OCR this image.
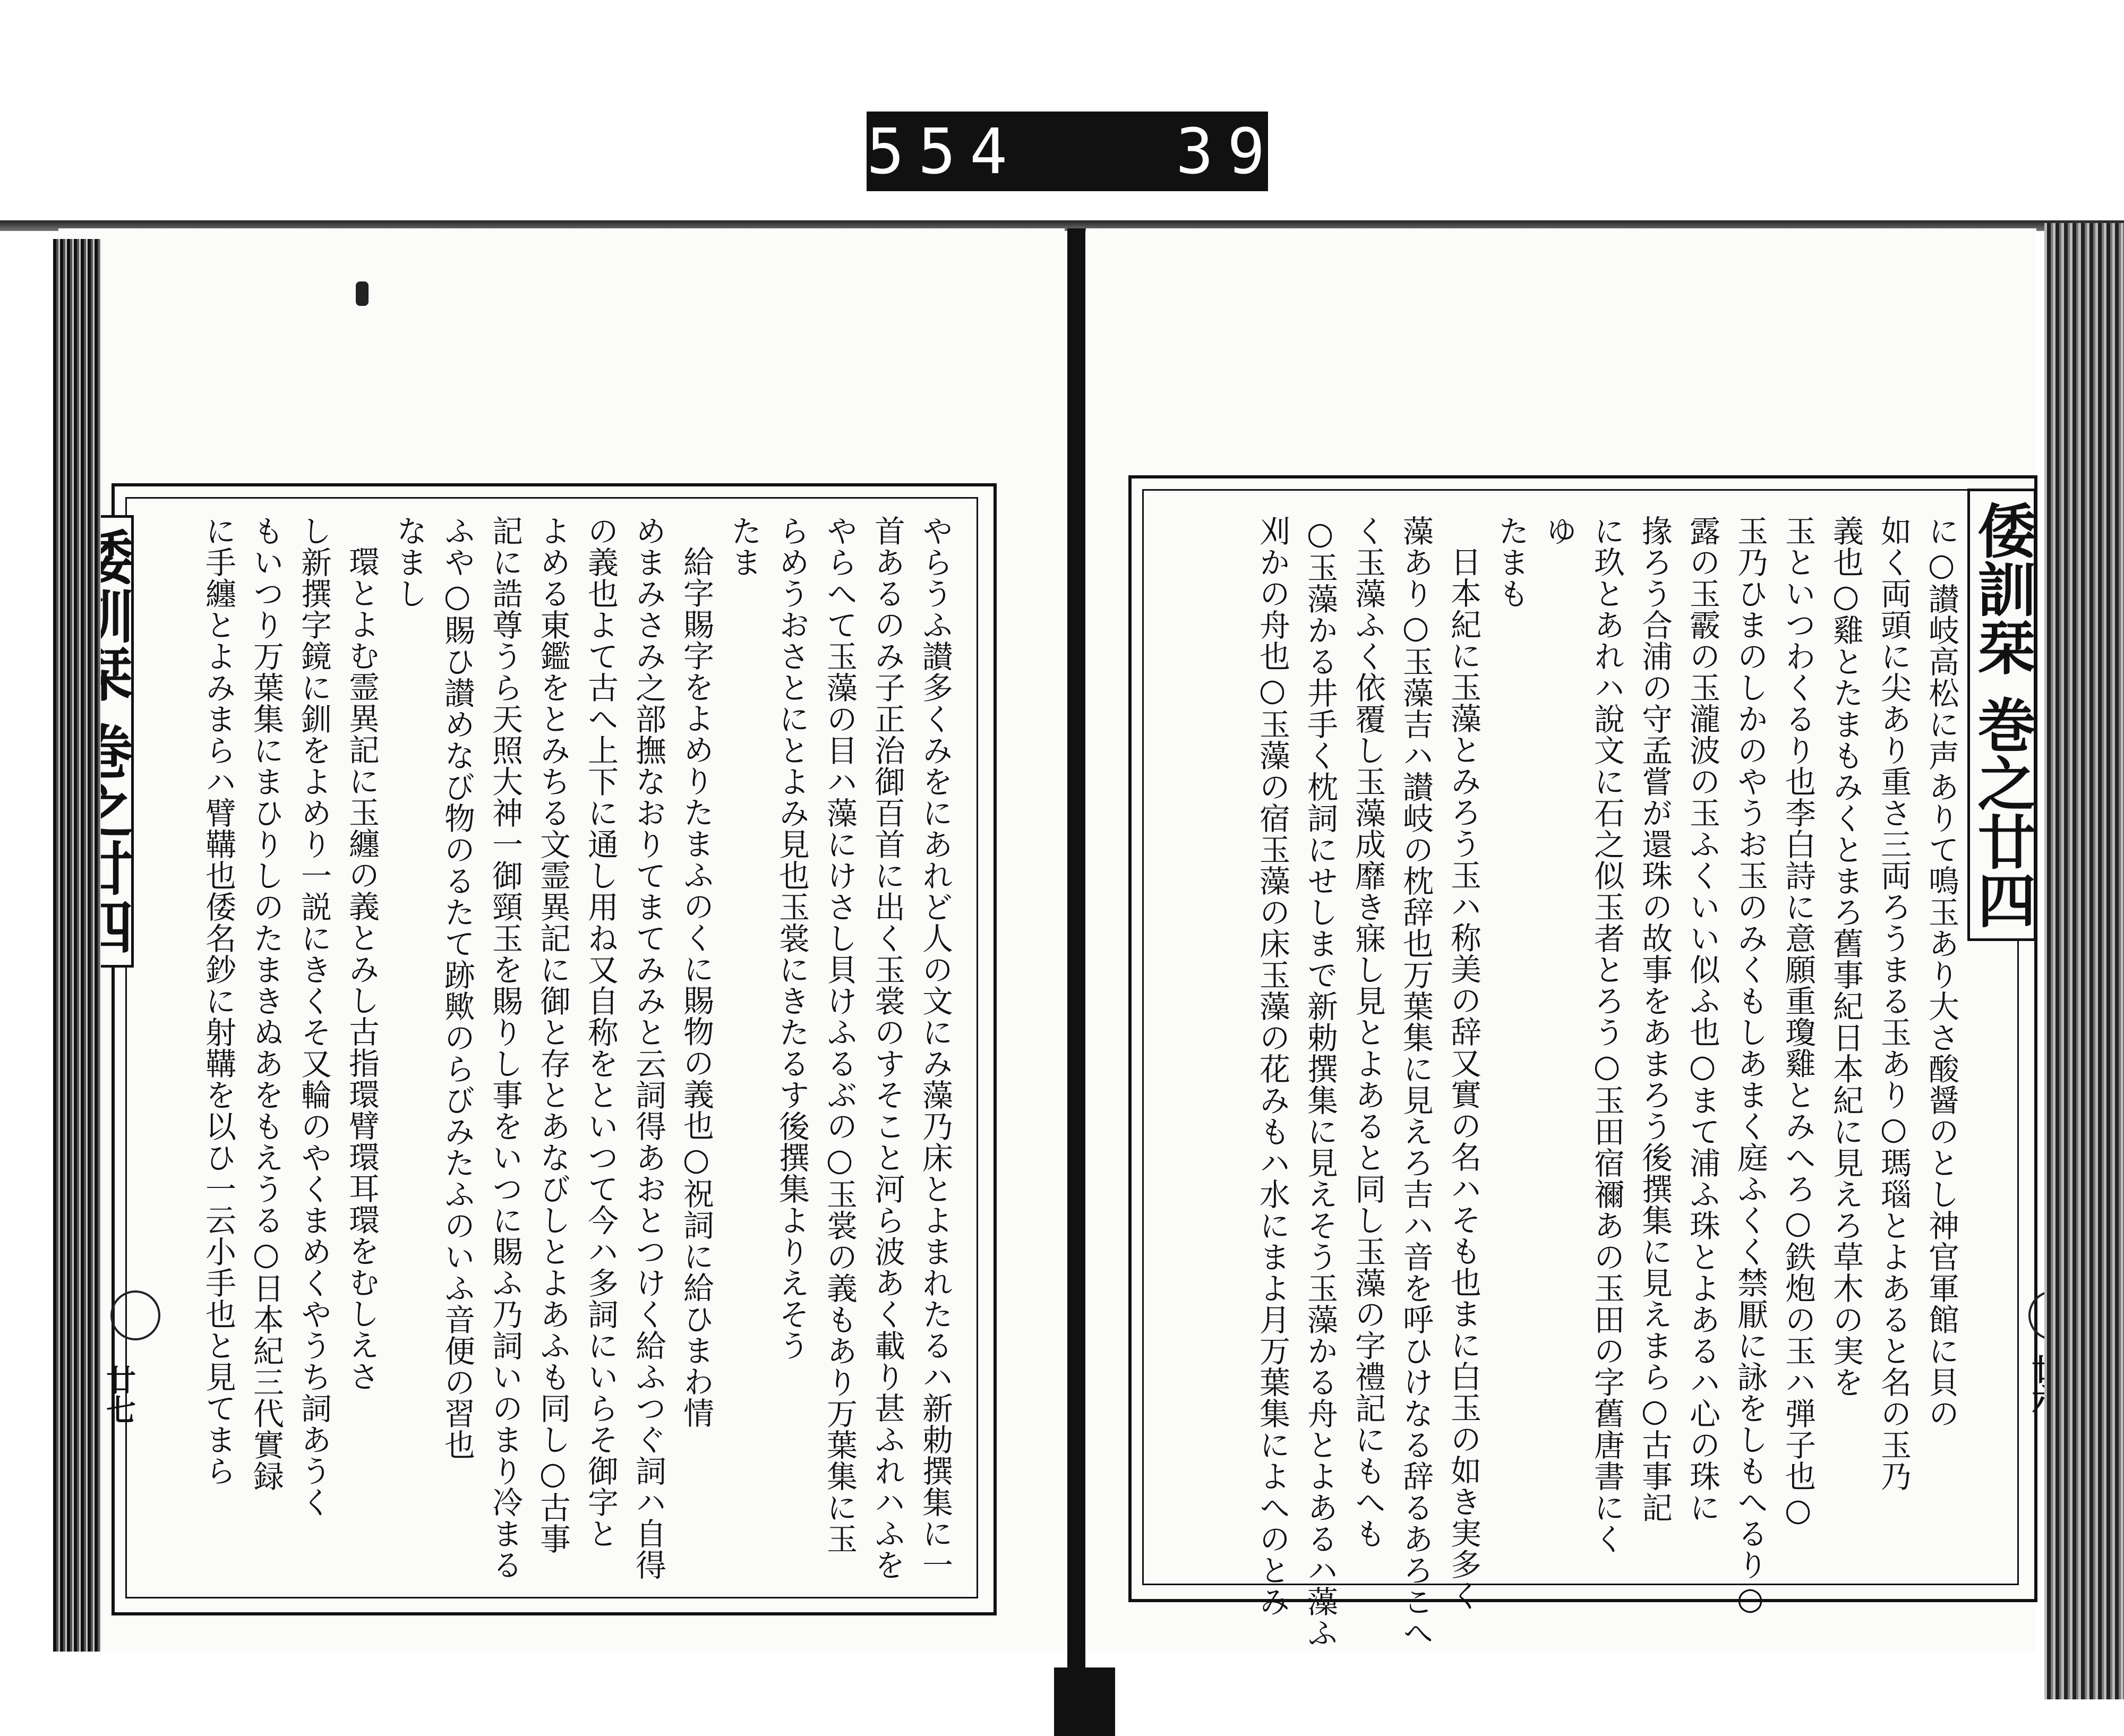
554   392.
廿七	やらうふ讃多くみをにあれど人の文にみ藻乃床とよまれたるハ新勅撰集に一
首あるのみ子正治御百首に出く玉裳のすそこと河ら波あく載り甚ふれハふを
やらへて玉藻の目ハ藻にけさし貝けふるぶの○玉裳の義もあり万葉集に玉
らめうおさとにとよみ見也玉裳にきたるす後撰集よりえそう
たま
給字賜字をよめりたまふのくに賜物の義也○祝詞に給ひまわ情
めまみさみ之部撫なおりてまてみみと云詞得あおとつけく給ふつぐ詞ハ自得
の義也よて古へ上下に通し用ね又自称をといつて今ハ多詞にいらそ御字と
よめる東鑑をとみちる文霊異記に御と存とあなびしとよあふも同し○古事
記に誥尊うら天照大神一御頸玉を賜りし事をいつに賜ふ乃詞いのまり冷まる
ふや○賜ひ讃めなび物のるたて跡歟のらびみたふのいふ音便の習也
なまし
環とよむ霊異記に玉纏の義とみし古指環臂環耳環をむしえさ
し新撰字鏡に釧をよめり一説にきくそ又輪のやくまめくやうち詞あうく
もいつり万葉集にまひりしのたまきぬあをもえうる○日本紀三代實録
に手纏とよみまらハ臂鞲也倭名鈔に射鞲を以ひ一云小手也と見てまら	倭訓栞
巻之廿四
に○讃岐高松に声ありて鳴玉あり大さ酸醤のとし神官軍館に貝の
如く両頭に尖あり重さ三両ろうまる玉あり○瑪瑙とよあると名の玉乃
義也○雞とたまもみくとまろ舊事紀日本紀に見えろ草木の実を
玉といつわくるり也李白詩に意願重瓊雞とみへろ○鉄炮の玉ハ弾子也○
玉乃ひまのしかのやうお玉のみくもしあまく庭ふくく禁厭に詠をしもへるり○
露の玉霰の玉瀧波の玉ふくいい似ふ也○まて浦ふ珠とよあるハ心の珠に
掾ろう合浦の守孟嘗が還珠の故事をあまろう後撰集に見えまら○古事記
に玖とあれハ說文に石之似玉者とろう○玉田宿禰あの玉田の字舊唐書にく
ゆ
たまも
日本紀に玉藻とみろう玉ハ称美の辞又實の名ハそも也まに白玉の如き実多く
藻あり○玉藻吉ハ讃岐の枕辞也万葉集に見えろ吉ハ音を呼ひけなる辞るあろこへ
く玉藻ふく依覆し玉藻成靡き寐し見とよあると同し玉藻の字禮記にもへも
○玉藻かる井手く枕詞にせしまで新勅撰集に見えそう玉藻かる舟とよあるハ藻ふ
刈かの舟也○玉藻の宿玉藻の床玉藻の花みもハ水にまよ月万葉集によへのとみ
